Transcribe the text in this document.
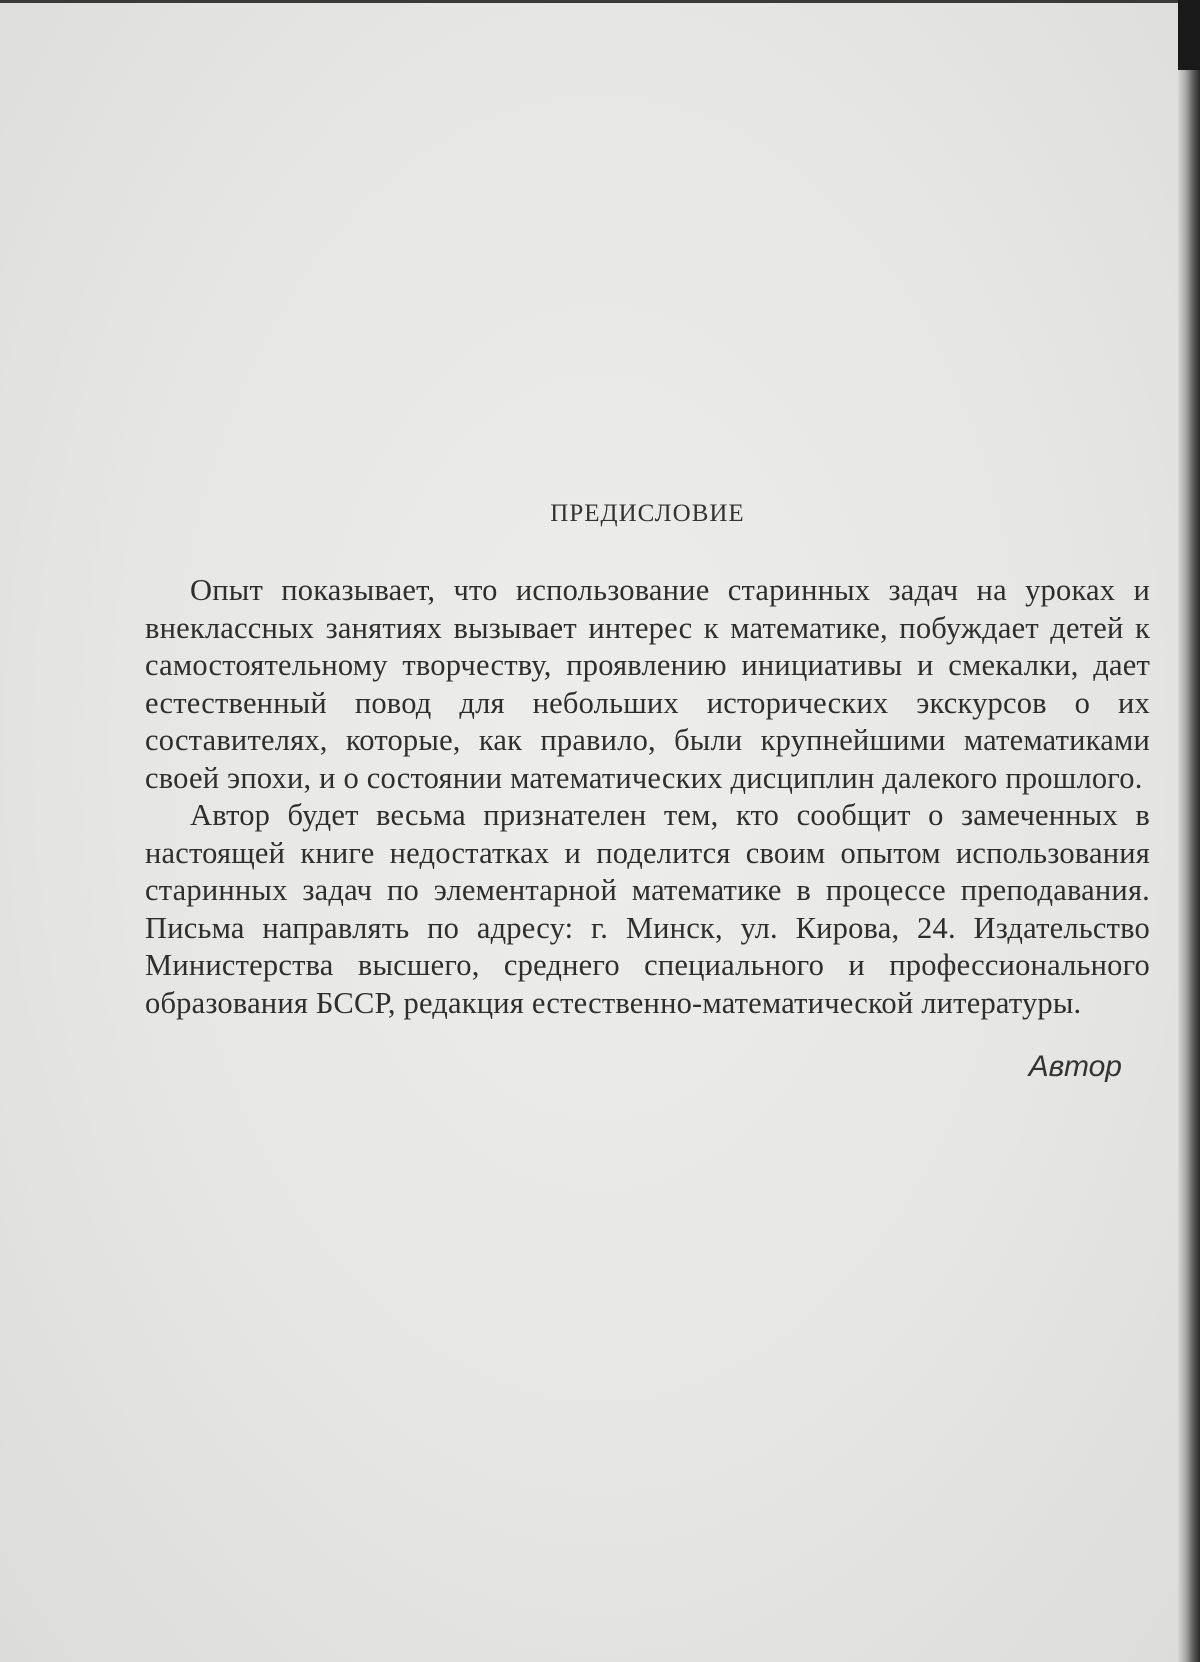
ПРЕДИСЛОВИЕ

Опыт показывает, что использование старинных задач на уроках и внеклассных занятиях вызывает интерес к математике, побуждает детей к самостоятельному творчеству, проявлению инициативы и смекалки, дает естественный повод для небольших исторических экскурсов о их составителях, которые, как правило, были крупнейшими математиками своей эпохи, и о состоянии математических дисциплин далекого прошлого.

Автор будет весьма признателен тем, кто сообщит о замеченных в настоящей книге недостатках и поделится своим опытом использования старинных задач по элементарной математике в процессе преподавания. Письма направлять по адресу: г. Минск, ул. Кирова, 24. Издательство Министерства высшего, среднего специального и профессионального образования БССР, редакция естественно-математической литературы.

Автор
